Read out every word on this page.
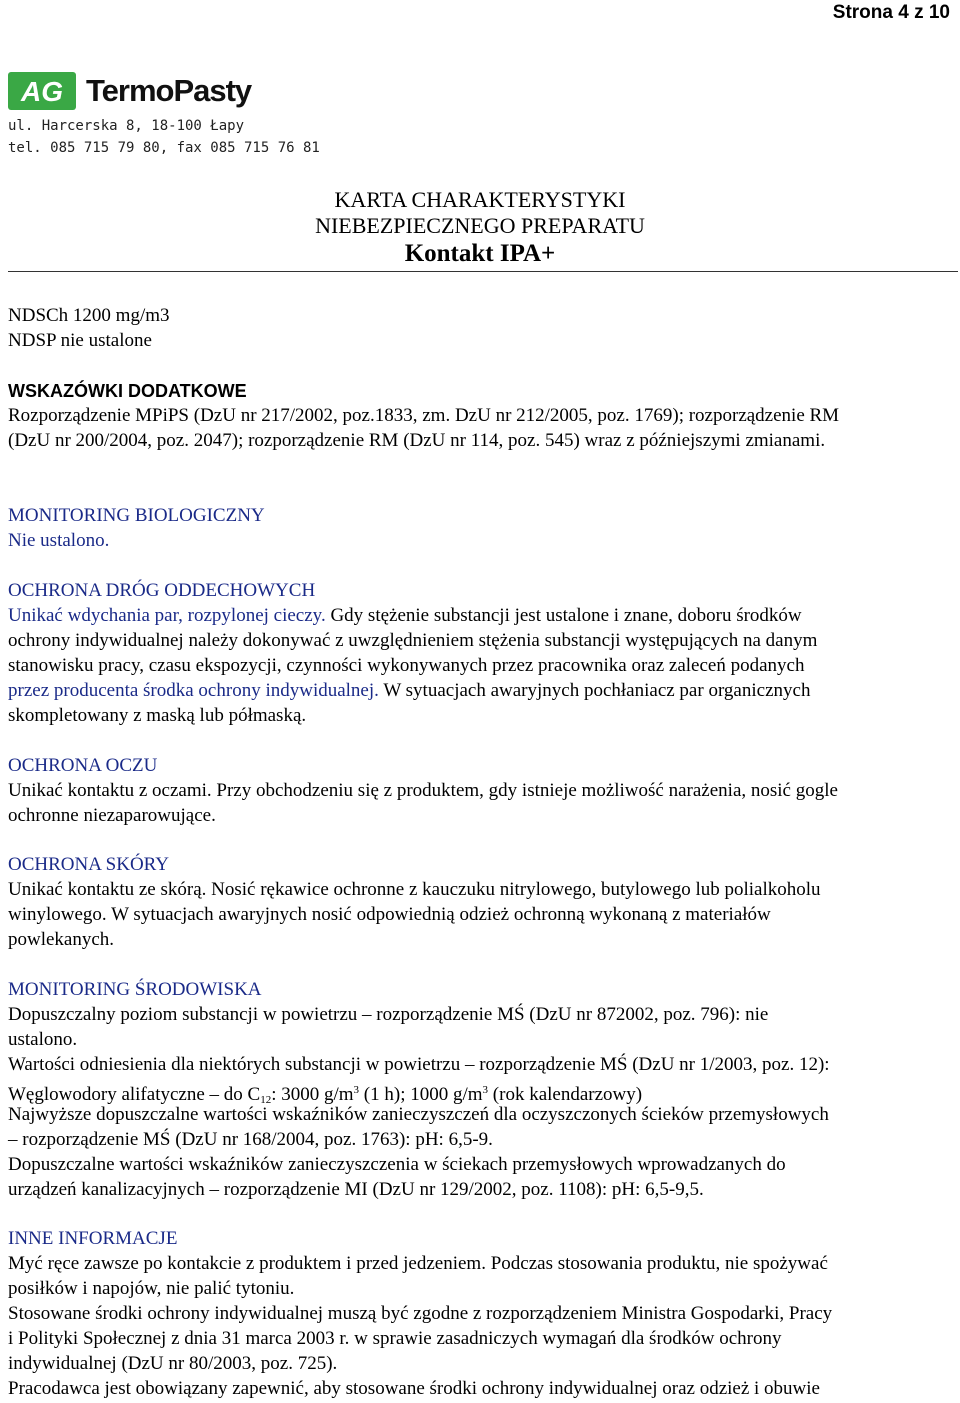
Strona 4 z 10
AG TermoPasty
ul. Harcerska 8, 18-100 Łapy
tel. 085 715 79 80, fax 085 715 76 81
KARTA CHARAKTERYSTYKI
NIEBEZPIECZNEGO PREPARATU
Kontakt IPA+
NDSCh 1200 mg/m3
NDSP nie ustalone
WSKAZÓWKI DODATKOWE
Rozporządzenie MPiPS (DzU nr 217/2002, poz.1833, zm. DzU nr 212/2005, poz. 1769); rozporządzenie RM
(DzU nr 200/2004, poz. 2047); rozporządzenie RM (DzU nr 114, poz. 545) wraz z późniejszymi zmianami.
MONITORING BIOLOGICZNY
Nie ustalono.
OCHRONA DRÓG ODDECHOWYCH
Unikać wdychania par, rozpylonej cieczy. Gdy stężenie substancji jest ustalone i znane, doboru środków
ochrony indywidualnej należy dokonywać z uwzględnieniem stężenia substancji występujących na danym
stanowisku pracy, czasu ekspozycji, czynności wykonywanych przez pracownika oraz zaleceń podanych
przez producenta środka ochrony indywidualnej. W sytuacjach awaryjnych pochłaniacz par organicznych
skompletowany z maską lub półmaską.
OCHRONA OCZU
Unikać kontaktu z oczami. Przy obchodzeniu się z produktem, gdy istnieje możliwość narażenia, nosić gogle
ochronne niezaparowujące.
OCHRONA SKÓRY
Unikać kontaktu ze skórą. Nosić rękawice ochronne z kauczuku nitrylowego, butylowego lub polialkoholu
winylowego. W sytuacjach awaryjnych nosić odpowiednią odzież ochronną wykonaną z materiałów
powlekanych.
MONITORING ŚRODOWISKA
Dopuszczalny poziom substancji w powietrzu – rozporządzenie MŚ (DzU nr 872002, poz. 796): nie
ustalono.
Wartości odniesienia dla niektórych substancji w powietrzu – rozporządzenie MŚ (DzU nr 1/2003, poz. 12):
Węglowodory alifatyczne – do $C_{12}$: 3000 $g/m^3$ (1 h); 1000 $g/m^3$ (rok kalendarzowy)
Najwyższe dopuszczalne wartości wskaźników zanieczyszczeń dla oczyszczonych ścieków przemysłowych
– rozporządzenie MŚ (DzU nr 168/2004, poz. 1763): pH: 6,5-9.
Dopuszczalne wartości wskaźników zanieczyszczenia w ściekach przemysłowych wprowadzanych do
urządzeń kanalizacyjnych – rozporządzenie MI (DzU nr 129/2002, poz. 1108): pH: 6,5-9,5.
INNE INFORMACJE
Myć ręce zawsze po kontakcie z produktem i przed jedzeniem. Podczas stosowania produktu, nie spożywać
posiłków i napojów, nie palić tytoniu.
Stosowane środki ochrony indywidualnej muszą być zgodne z rozporządzeniem Ministra Gospodarki, Pracy
i Polityki Społecznej z dnia 31 marca 2003 r. w sprawie zasadniczych wymagań dla środków ochrony
indywidualnej (DzU nr 80/2003, poz. 725).
Pracodawca jest obowiązany zapewnić, aby stosowane środki ochrony indywidualnej oraz odzież i obuwie
